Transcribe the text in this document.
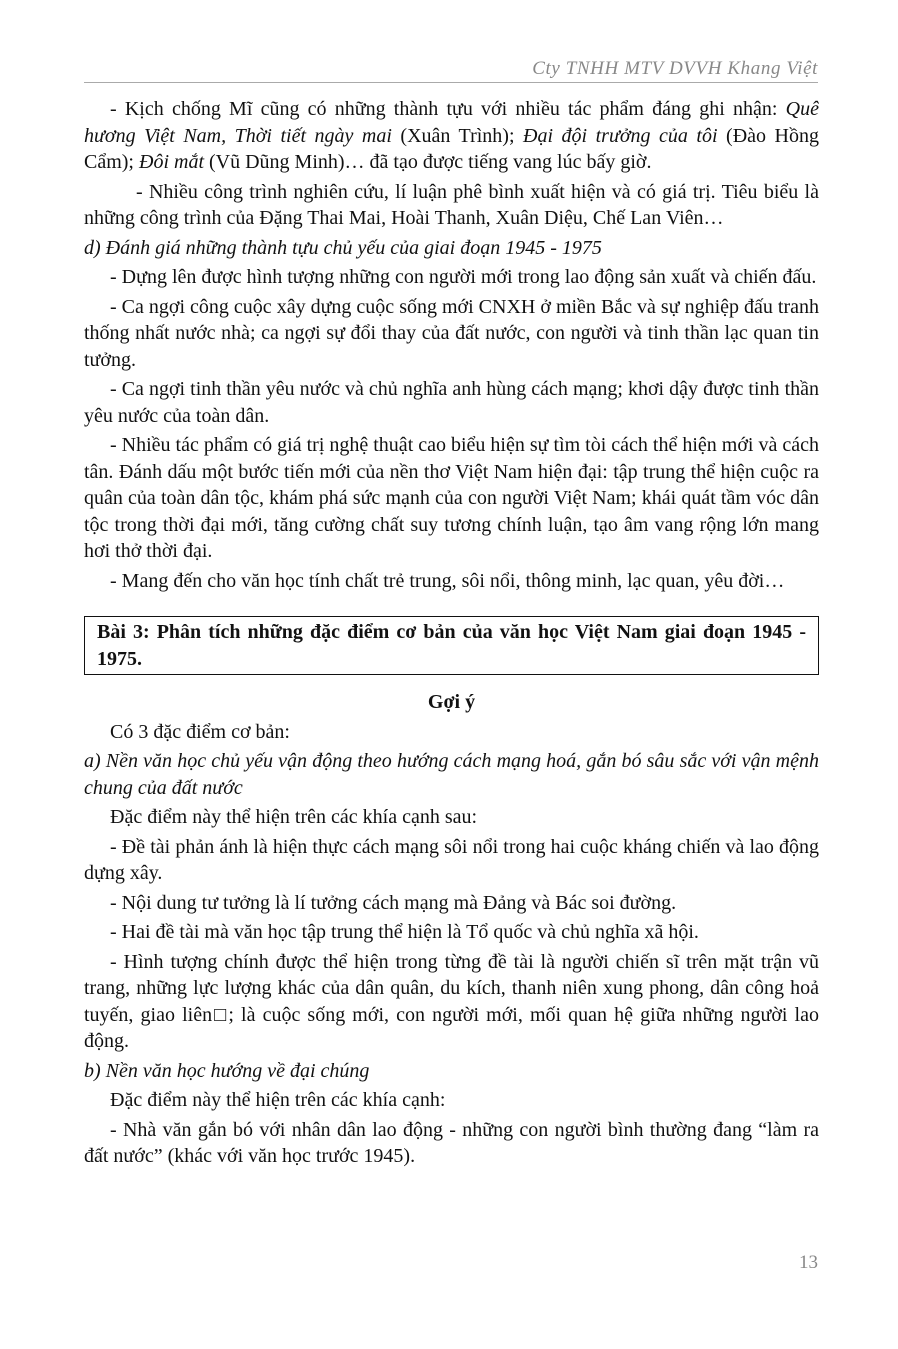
Cty TNHH MTV DVVH Khang Việt

- Kịch chống Mĩ cũng có những thành tựu với nhiều tác phẩm đáng ghi nhận: Quê hương Việt Nam, Thời tiết ngày mai (Xuân Trình); Đại đội trưởng của tôi (Đào Hồng Cẩm); Đôi mắt (Vũ Dũng Minh)… đã tạo được tiếng vang lúc bấy giờ.

- Nhiều công trình nghiên cứu, lí luận phê bình xuất hiện và có giá trị. Tiêu biểu là những công trình của Đặng Thai Mai, Hoài Thanh, Xuân Diệu, Chế Lan Viên…

d) Đánh giá những thành tựu chủ yếu của giai đoạn 1945 - 1975

- Dựng lên được hình tượng những con người mới trong lao động sản xuất và chiến đấu.

- Ca ngợi công cuộc xây dựng cuộc sống mới CNXH ở miền Bắc và sự nghiệp đấu tranh thống nhất nước nhà; ca ngợi sự đổi thay của đất nước, con người và tinh thần lạc quan tin tưởng.

- Ca ngợi tinh thần yêu nước và chủ nghĩa anh hùng cách mạng; khơi dậy được tinh thần yêu nước của toàn dân.

- Nhiều tác phẩm có giá trị nghệ thuật cao biểu hiện sự tìm tòi cách thể hiện mới và cách tân. Đánh dấu một bước tiến mới của nền thơ Việt Nam hiện đại: tập trung thể hiện cuộc ra quân của toàn dân tộc, khám phá sức mạnh của con người Việt Nam; khái quát tầm vóc dân tộc trong thời đại mới, tăng cường chất suy tương chính luận, tạo âm vang rộng lớn mang hơi thở thời đại.

- Mang đến cho văn học tính chất trẻ trung, sôi nổi, thông minh, lạc quan, yêu đời…

Bài 3: Phân tích những đặc điểm cơ bản của văn học Việt Nam giai đoạn 1945 - 1975.

Gợi ý

Có 3 đặc điểm cơ bản:

a) Nền văn học chủ yếu vận động theo hướng cách mạng hoá, gắn bó sâu sắc với vận mệnh chung của đất nước

Đặc điểm này thể hiện trên các khía cạnh sau:

- Đề tài phản ánh là hiện thực cách mạng sôi nổi trong hai cuộc kháng chiến và lao động dựng xây.

- Nội dung tư tưởng là lí tưởng cách mạng mà Đảng và Bác soi đường.

- Hai đề tài mà văn học tập trung thể hiện là Tổ quốc và chủ nghĩa xã hội.

- Hình tượng chính được thể hiện trong từng đề tài là người chiến sĩ trên mặt trận vũ trang, những lực lượng khác của dân quân, du kích, thanh niên xung phong, dân công hoả tuyến, giao liên□; là cuộc sống mới, con người mới, mối quan hệ giữa những người lao động.

b) Nền văn học hướng về đại chúng

Đặc điểm này thể hiện trên các khía cạnh:

- Nhà văn gắn bó với nhân dân lao động - những con người bình thường đang “làm ra đất nước” (khác với văn học trước 1945).

13
